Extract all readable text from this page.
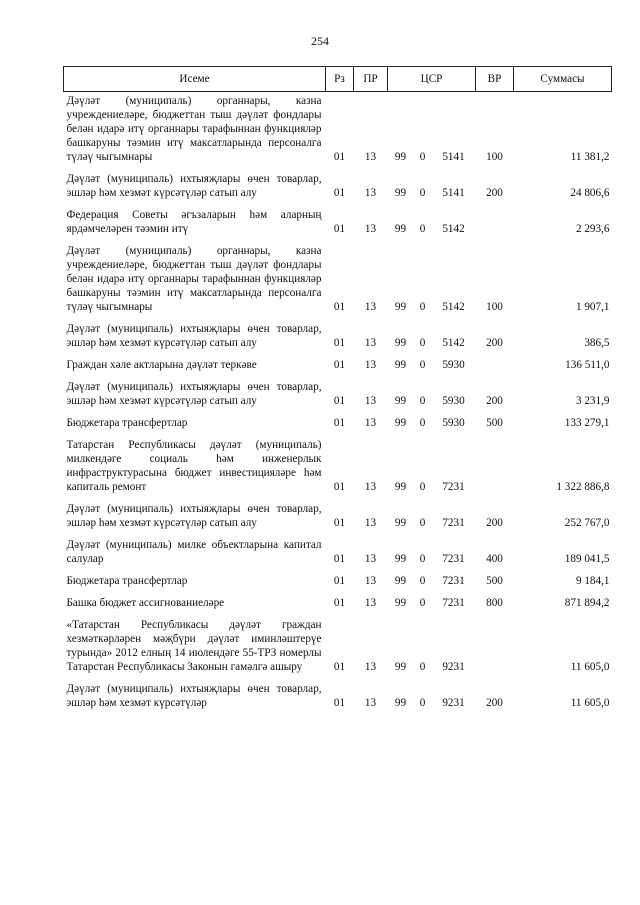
254
Исеме	Рз	ПР	ЦСР			ВР	Суммасы
Дәүләт (муниципаль) органнары, казна учреждениеләре, бюджеттан тыш дәүләт фондлары белән идарә итү органнары тарафыннан функцияләр башкаруны тәэмин итү максатларында персоналга түләү чыгымнары	01	13	99	0	5141	100	11 381,2
Дәүләт (муниципаль) ихтыяҗлары өчен товарлар, эшләр һәм хезмәт күрсәтүләр сатып алу	01	13	99	0	5141	200	24 806,6
Федерация Советы әгъзаларын һәм аларның ярдәмчеләрен тәэмин итү	01	13	99	0	5142		2 293,6
Дәүләт (муниципаль) органнары, казна учреждениеләре, бюджеттан тыш дәүләт фондлары белән идарә итү органнары тарафыннан функцияләр башкаруны тәэмин итү максатларында персоналга түләү чыгымнары	01	13	99	0	5142	100	1 907,1
Дәүләт (муниципаль) ихтыяҗлары өчен товарлар, эшләр һәм хезмәт күрсәтүләр сатып алу	01	13	99	0	5142	200	386,5
Граждан хәле актларына дәүләт теркәве	01	13	99	0	5930		136 511,0
Дәүләт (муниципаль) ихтыяҗлары өчен товарлар, эшләр һәм хезмәт күрсәтүләр сатып алу	01	13	99	0	5930	200	3 231,9
Бюджетара трансфертлар	01	13	99	0	5930	500	133 279,1
Татарстан Республикасы дәүләт (муниципаль) милкендәге социаль һәм инженерлык инфраструктурасына бюджет инвестицияләре һәм капиталь ремонт	01	13	99	0	7231		1 322 886,8
Дәүләт (муниципаль) ихтыяҗлары өчен товарлар, эшләр һәм хезмәт күрсәтүләр сатып алу	01	13	99	0	7231	200	252 767,0
Дәүләт (муниципаль) милке объектларына капитал салулар	01	13	99	0	7231	400	189 041,5
Бюджетара трансфертлар	01	13	99	0	7231	500	9 184,1
Башка бюджет ассигнованиеләре	01	13	99	0	7231	800	871 894,2
«Татарстан Республикасы дәүләт граждан хезмәткәрләрен мәҗбүри дәүләт иминләштерүе турында» 2012 елның 14 июлендәге 55-ТРЗ номерлы Татарстан Республикасы Законын гамәлгә ашыру	01	13	99	0	9231		11 605,0
Дәүләт (муниципаль) ихтыяҗлары өчен товарлар, эшләр һәм хезмәт күрсәтүләр	01	13	99	0	9231	200	11 605,0
